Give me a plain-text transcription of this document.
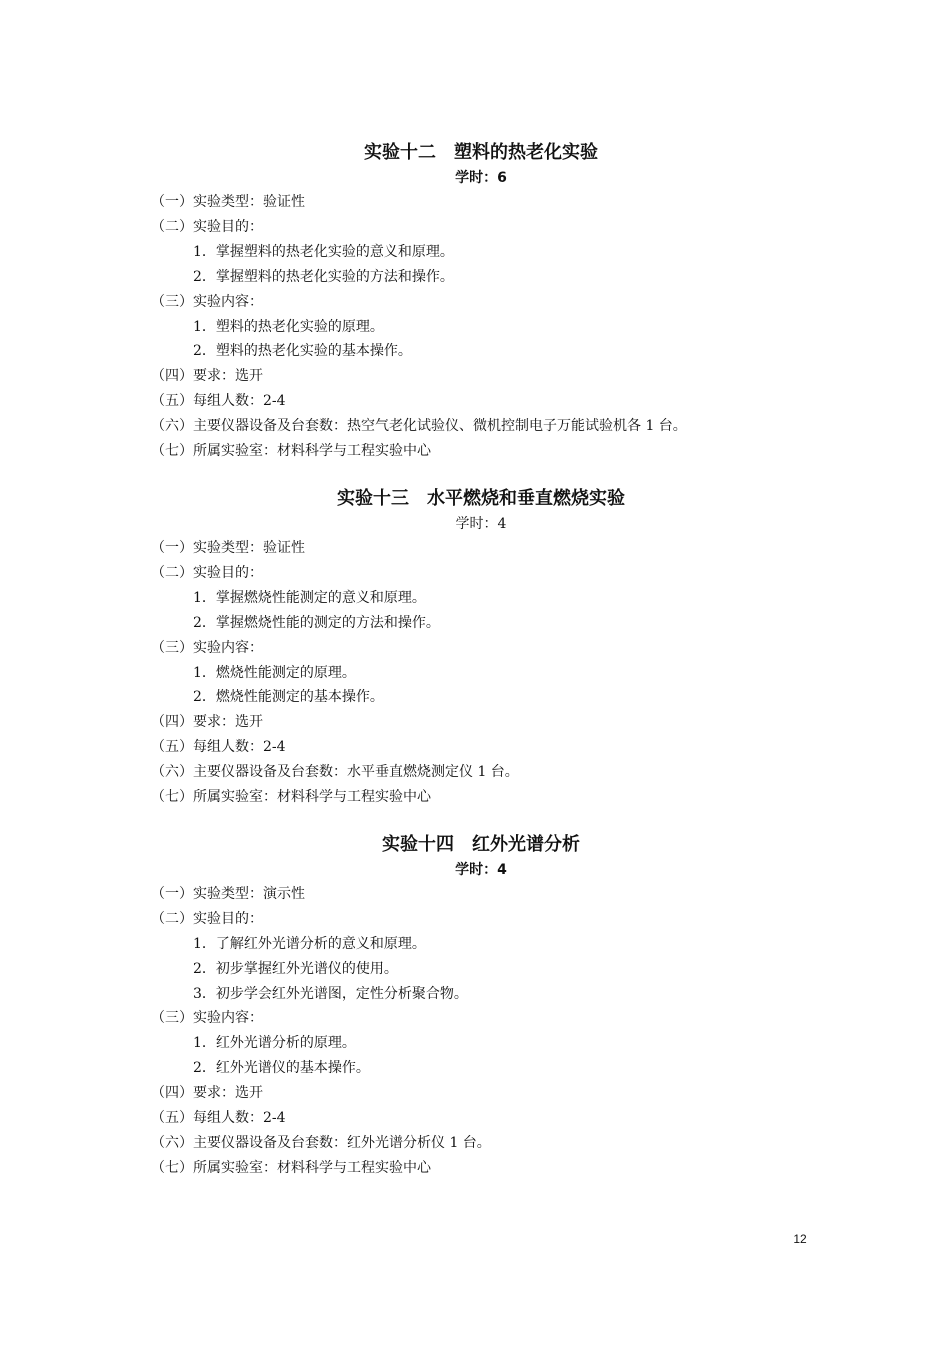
实验十二 塑料的热老化实验
学时：6
（一）实验类型：验证性
（二）实验目的：
1．掌握塑料的热老化实验的意义和原理。
2．掌握塑料的热老化实验的方法和操作。
（三）实验内容：
1．塑料的热老化实验的原理。
2．塑料的热老化实验的基本操作。
（四）要求：选开
（五）每组人数：2-4
（六）主要仪器设备及台套数：热空气老化试验仪、微机控制电子万能试验机各 1 台。
（七）所属实验室：材料科学与工程实验中心
实验十三 水平燃烧和垂直燃烧实验
学时：4
（一）实验类型：验证性
（二）实验目的：
1．掌握燃烧性能测定的意义和原理。
2．掌握燃烧性能的测定的方法和操作。
（三）实验内容：
1．燃烧性能测定的原理。
2．燃烧性能测定的基本操作。
（四）要求：选开
（五）每组人数：2-4
（六）主要仪器设备及台套数：水平垂直燃烧测定仪 1 台。
（七）所属实验室：材料科学与工程实验中心
实验十四 红外光谱分析
学时：4
（一）实验类型：演示性
（二）实验目的：
1．了解红外光谱分析的意义和原理。
2．初步掌握红外光谱仪的使用。
3．初步学会红外光谱图，定性分析聚合物。
（三）实验内容：
1．红外光谱分析的原理。
2．红外光谱仪的基本操作。
（四）要求：选开
（五）每组人数：2-4
（六）主要仪器设备及台套数：红外光谱分析仪 1 台。
（七）所属实验室：材料科学与工程实验中心
12
